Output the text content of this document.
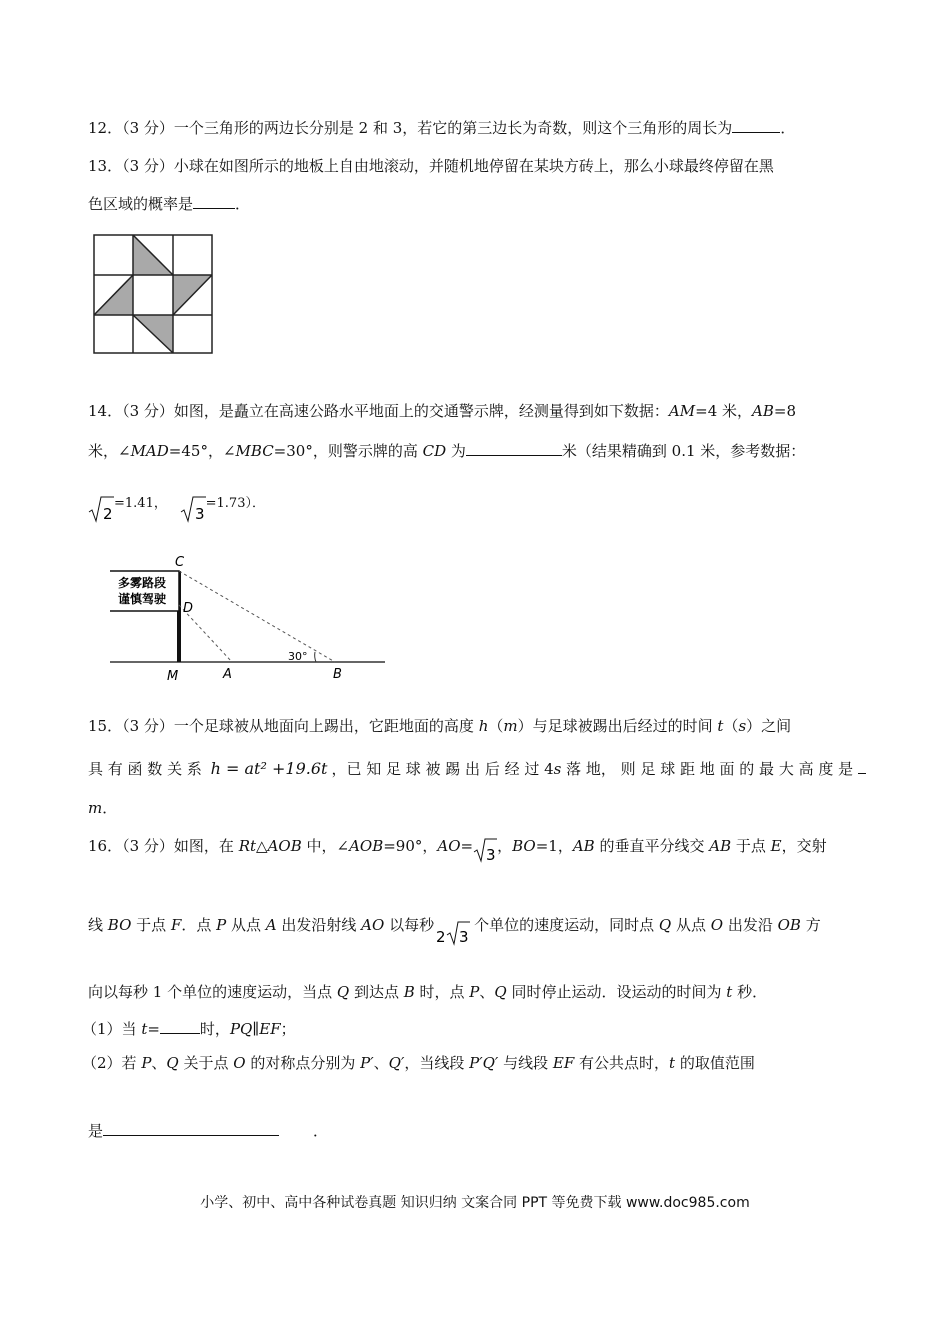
12．（3 分）一个三角形的两边长分别是 2 和 3，若它的第三边长为奇数，则这个三角形的周长为	．
13．（3 分）小球在如图所示的地板上自由地滚动，并随机地停留在某块方砖上，那么小球最终停留在黑
色区域的概率是	．
14．（3 分）如图，是矗立在高速公路水平地面上的交通警示牌，经测量得到如下数据：AM=4 米，AB=8
米，∠MAD=45°，∠MBC=30°，则警示牌的高 CD 为	米（结果精确到 0.1 米，参考数据：
2
=1.41，
3
=1.73）．
多雾路段
谨慎驾驶
30°
C
D
M	A	B
15．（3 分）一个足球被从地面向上踢出，它距地面的高度 h（m）与足球被踢出后经过的时间 t（s）之间
具 有 函 数 关 系 h = at² +19.6t ，已 知 足 球 被 踢 出 后 经 过 4s 落 地， 则 足 球 距 地 面 的 最 大 高 度 是
m．
16．（3 分）如图，在 Rt△AOB 中，∠AOB=90°，AO= 3 ，BO=1，AB 的垂直平分线交 AB 于点 E，交射
线 BO 于点 F．点 P 从点 A 出发沿射线 AO 以每秒
2 3
个单位的速度运动，同时点 Q 从点 O 出发沿 OB 方
向以每秒 1 个单位的速度运动，当点 Q 到达点 B 时，点 P、Q 同时停止运动．设运动的时间为 t 秒．
（1）当 t=	时，PQ∥EF；
（2）若 P、Q 关于点 O 的对称点分别为 P′、Q′，当线段 P′Q′ 与线段 EF 有公共点时，t 的取值范围
是	．
小学、初中、高中各种试卷真题 知识归纳 文案合同 PPT 等免费下载 www.doc985.com
